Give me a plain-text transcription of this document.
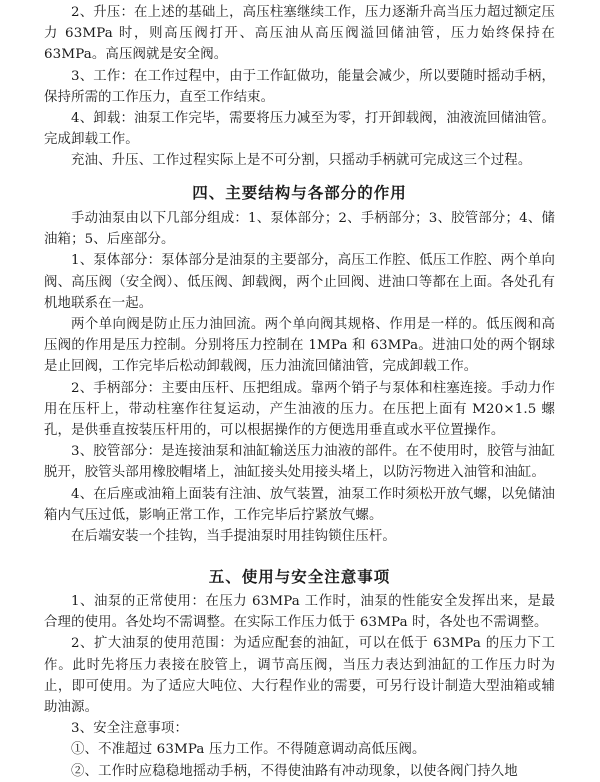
2、升压：在上述的基础上，高压柱塞继续工作，压力逐渐升高当压力超过额定压力 63MPa 时，则高压阀打开、高压油从高压阀溢回储油管，压力始终保持在 63MPa。高压阀就是安全阀。

3、工作：在工作过程中，由于工作缸做功，能量会减少，所以要随时摇动手柄，保持所需的工作压力，直至工作结束。

4、卸载：油泵工作完毕，需要将压力减至为零，打开卸载阀，油液流回储油管。完成卸载工作。

充油、升压、工作过程实际上是不可分割，只摇动手柄就可完成这三个过程。

四、主要结构与各部分的作用

手动油泵由以下几部分组成：1、泵体部分；2、手柄部分；3、胶管部分；4、储油箱；5、后座部分。

1、泵体部分：泵体部分是油泵的主要部分，高压工作腔、低压工作腔、两个单向阀、高压阀（安全阀）、低压阀、卸载阀，两个止回阀、进油口等都在上面。各处孔有机地联系在一起。

两个单向阀是防止压力油回流。两个单向阀其规格、作用是一样的。低压阀和高压阀的作用是压力控制。分别将压力控制在 1MPa 和 63MPa。进油口处的两个钢球是止回阀，工作完毕后松动卸载阀，压力油流回储油管，完成卸载工作。

2、手柄部分：主要由压杆、压把组成。靠两个销子与泵体和柱塞连接。手动力作用在压杆上，带动柱塞作往复运动，产生油液的压力。在压把上面有 M20×1.5 螺孔，是供垂直按装压杆用的，可以根据操作的方便选用垂直或水平位置操作。

3、胶管部分：是连接油泵和油缸输送压力油液的部件。在不使用时，胶管与油缸脱开，胶管头部用橡胶帽堵上，油缸接头处用接头堵上，以防污物进入油管和油缸。

4、在后座或油箱上面装有注油、放气装置，油泵工作时须松开放气螺，以免储油箱内气压过低，影响正常工作，工作完毕后拧紧放气螺。

在后端安装一个挂钩，当手提油泵时用挂钩锁住压杆。

五、使用与安全注意事项

1、油泵的正常使用：在压力 63MPa 工作时，油泵的性能安全发挥出来，是最合理的使用。各处均不需调整。在实际工作压力低于 63MPa 时，各处也不需调整。

2、扩大油泵的使用范围：为适应配套的油缸，可以在低于 63MPa 的压力下工作。此时先将压力表接在胶管上，调节高压阀，当压力表达到油缸的工作压力时为止，即可使用。为了适应大吨位、大行程作业的需要，可另行设计制造大型油箱或辅助油源。

3、安全注意事项：

①、不准超过 63MPa 压力工作。不得随意调动高低压阀。

②、工作时应稳稳地摇动手柄，不得使油路有冲动现象，以使各阀门持久地
